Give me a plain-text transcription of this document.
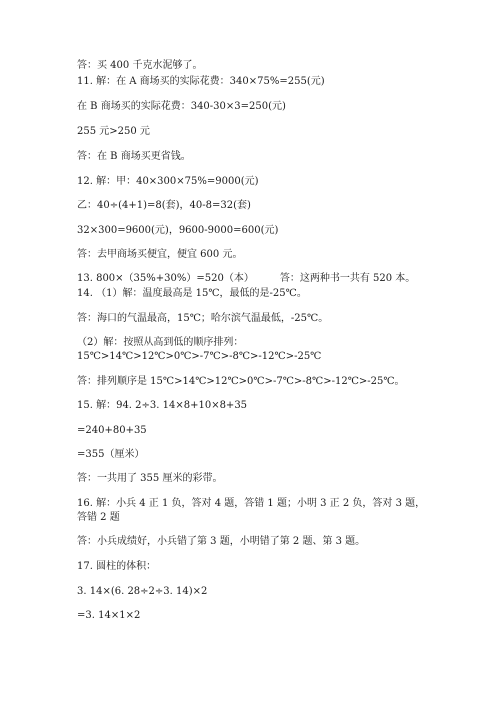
答：买 400 千克水泥够了。
11. 解：在 A 商场买的实际花费：340×75%=255(元)
在 B 商场买的实际花费：340-30×3=250(元)
255 元>250 元
答：在 B 商场买更省钱。
12. 解：甲：40×300×75%=9000(元)
乙：40÷(4+1)=8(套)，40-8=32(套)
32×300=9600(元)，9600-9000=600(元)
答：去甲商场买便宜，便宜 600 元。
13. 800×（35%+30%）=520（本）	答：这两种书一共有 520 本。
14. （1）解：温度最高是 15℃，最低的是-25℃。
答：海口的气温最高，15℃；哈尔滨气温最低，-25℃。
（2）解：按照从高到低的顺序排列：15℃>14℃>12℃>0℃>-7℃>-8℃>-12℃>-25℃
答：排列顺序是 15℃>14℃>12℃>0℃>-7℃>-8℃>-12℃>-25℃。
15. 解：94. 2÷3. 14×8+10×8+35
=240+80+35
=355（厘米）
答：一共用了 355 厘米的彩带。
16. 解：小兵 4 正 1 负，答对 4 题，答错 1 题；小明 3 正 2 负，答对 3 题，答错 2 题
答：小兵成绩好，小兵错了第 3 题，小明错了第 2 题、第 3 题。
17. 圆柱的体积：
3. 14×(6. 28÷2÷3. 14)×2
=3. 14×1×2
